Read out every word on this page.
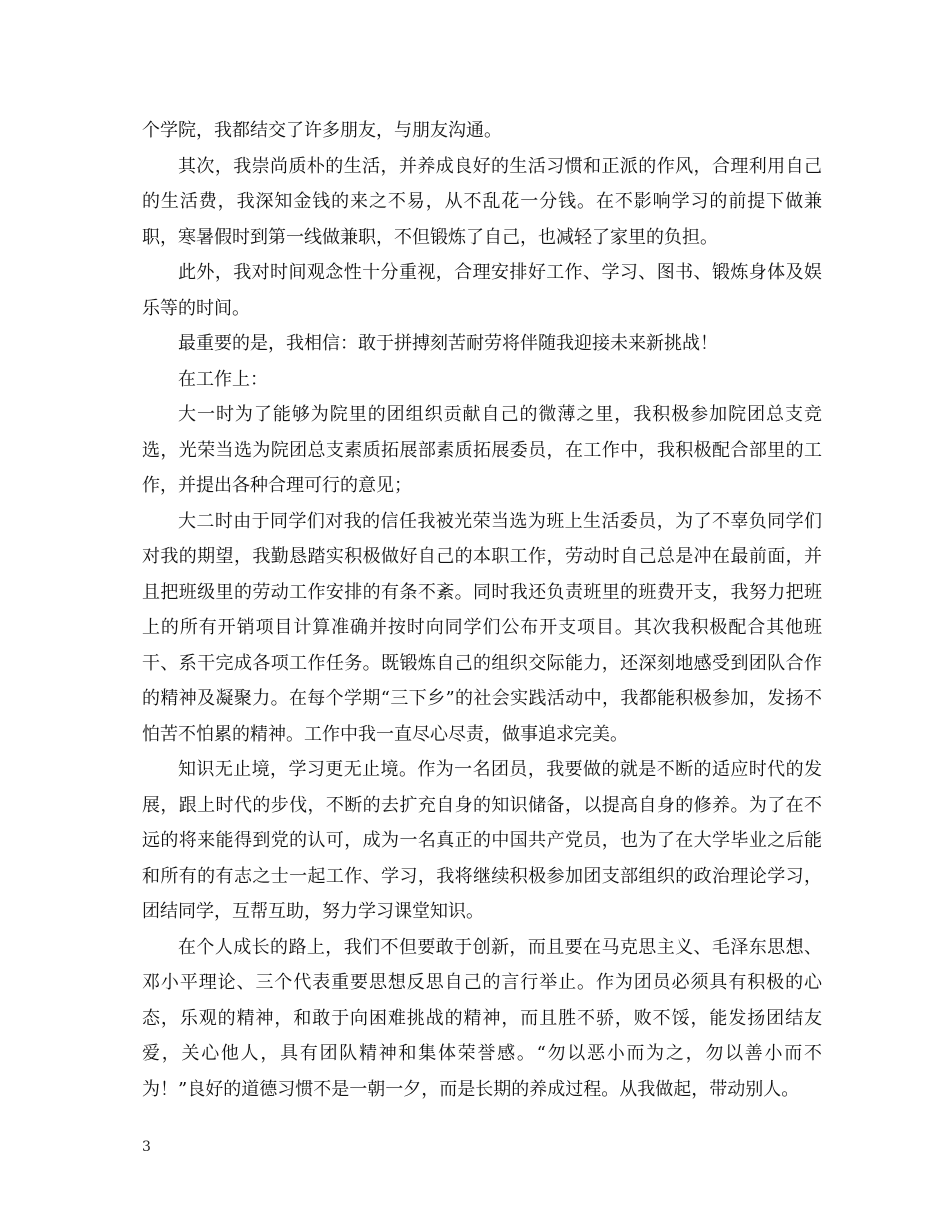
个学院，我都结交了许多朋友，与朋友沟通。

其次，我崇尚质朴的生活，并养成良好的生活习惯和正派的作风，合理利用自己的生活费，我深知金钱的来之不易，从不乱花一分钱。在不影响学习的前提下做兼职，寒暑假时到第一线做兼职，不但锻炼了自己，也减轻了家里的负担。

此外，我对时间观念性十分重视，合理安排好工作、学习、图书、锻炼身体及娱乐等的时间。

最重要的是，我相信：敢于拼搏刻苦耐劳将伴随我迎接未来新挑战！

在工作上：

大一时为了能够为院里的团组织贡献自己的微薄之里，我积极参加院团总支竞选，光荣当选为院团总支素质拓展部素质拓展委员，在工作中，我积极配合部里的工作，并提出各种合理可行的意见；

大二时由于同学们对我的信任我被光荣当选为班上生活委员，为了不辜负同学们对我的期望，我勤恳踏实积极做好自己的本职工作，劳动时自己总是冲在最前面，并且把班级里的劳动工作安排的有条不紊。同时我还负责班里的班费开支，我努力把班上的所有开销项目计算准确并按时向同学们公布开支项目。其次我积极配合其他班干、系干完成各项工作任务。既锻炼自己的组织交际能力，还深刻地感受到团队合作的精神及凝聚力。在每个学期“三下乡”的社会实践活动中，我都能积极参加，发扬不怕苦不怕累的精神。工作中我一直尽心尽责，做事追求完美。

知识无止境，学习更无止境。作为一名团员，我要做的就是不断的适应时代的发展，跟上时代的步伐，不断的去扩充自身的知识储备，以提高自身的修养。为了在不远的将来能得到党的认可，成为一名真正的中国共产党员，也为了在大学毕业之后能和所有的有志之士一起工作、学习，我将继续积极参加团支部组织的政治理论学习，团结同学，互帮互助，努力学习课堂知识。

在个人成长的路上，我们不但要敢于创新，而且要在马克思主义、毛泽东思想、邓小平理论、三个代表重要思想反思自己的言行举止。作为团员必须具有积极的心态，乐观的精神，和敢于向困难挑战的精神，而且胜不骄，败不馁，能发扬团结友爱，关心他人，具有团队精神和集体荣誉感。“勿以恶小而为之，勿以善小而不为！”良好的道德习惯不是一朝一夕，而是长期的养成过程。从我做起，带动别人。

3
